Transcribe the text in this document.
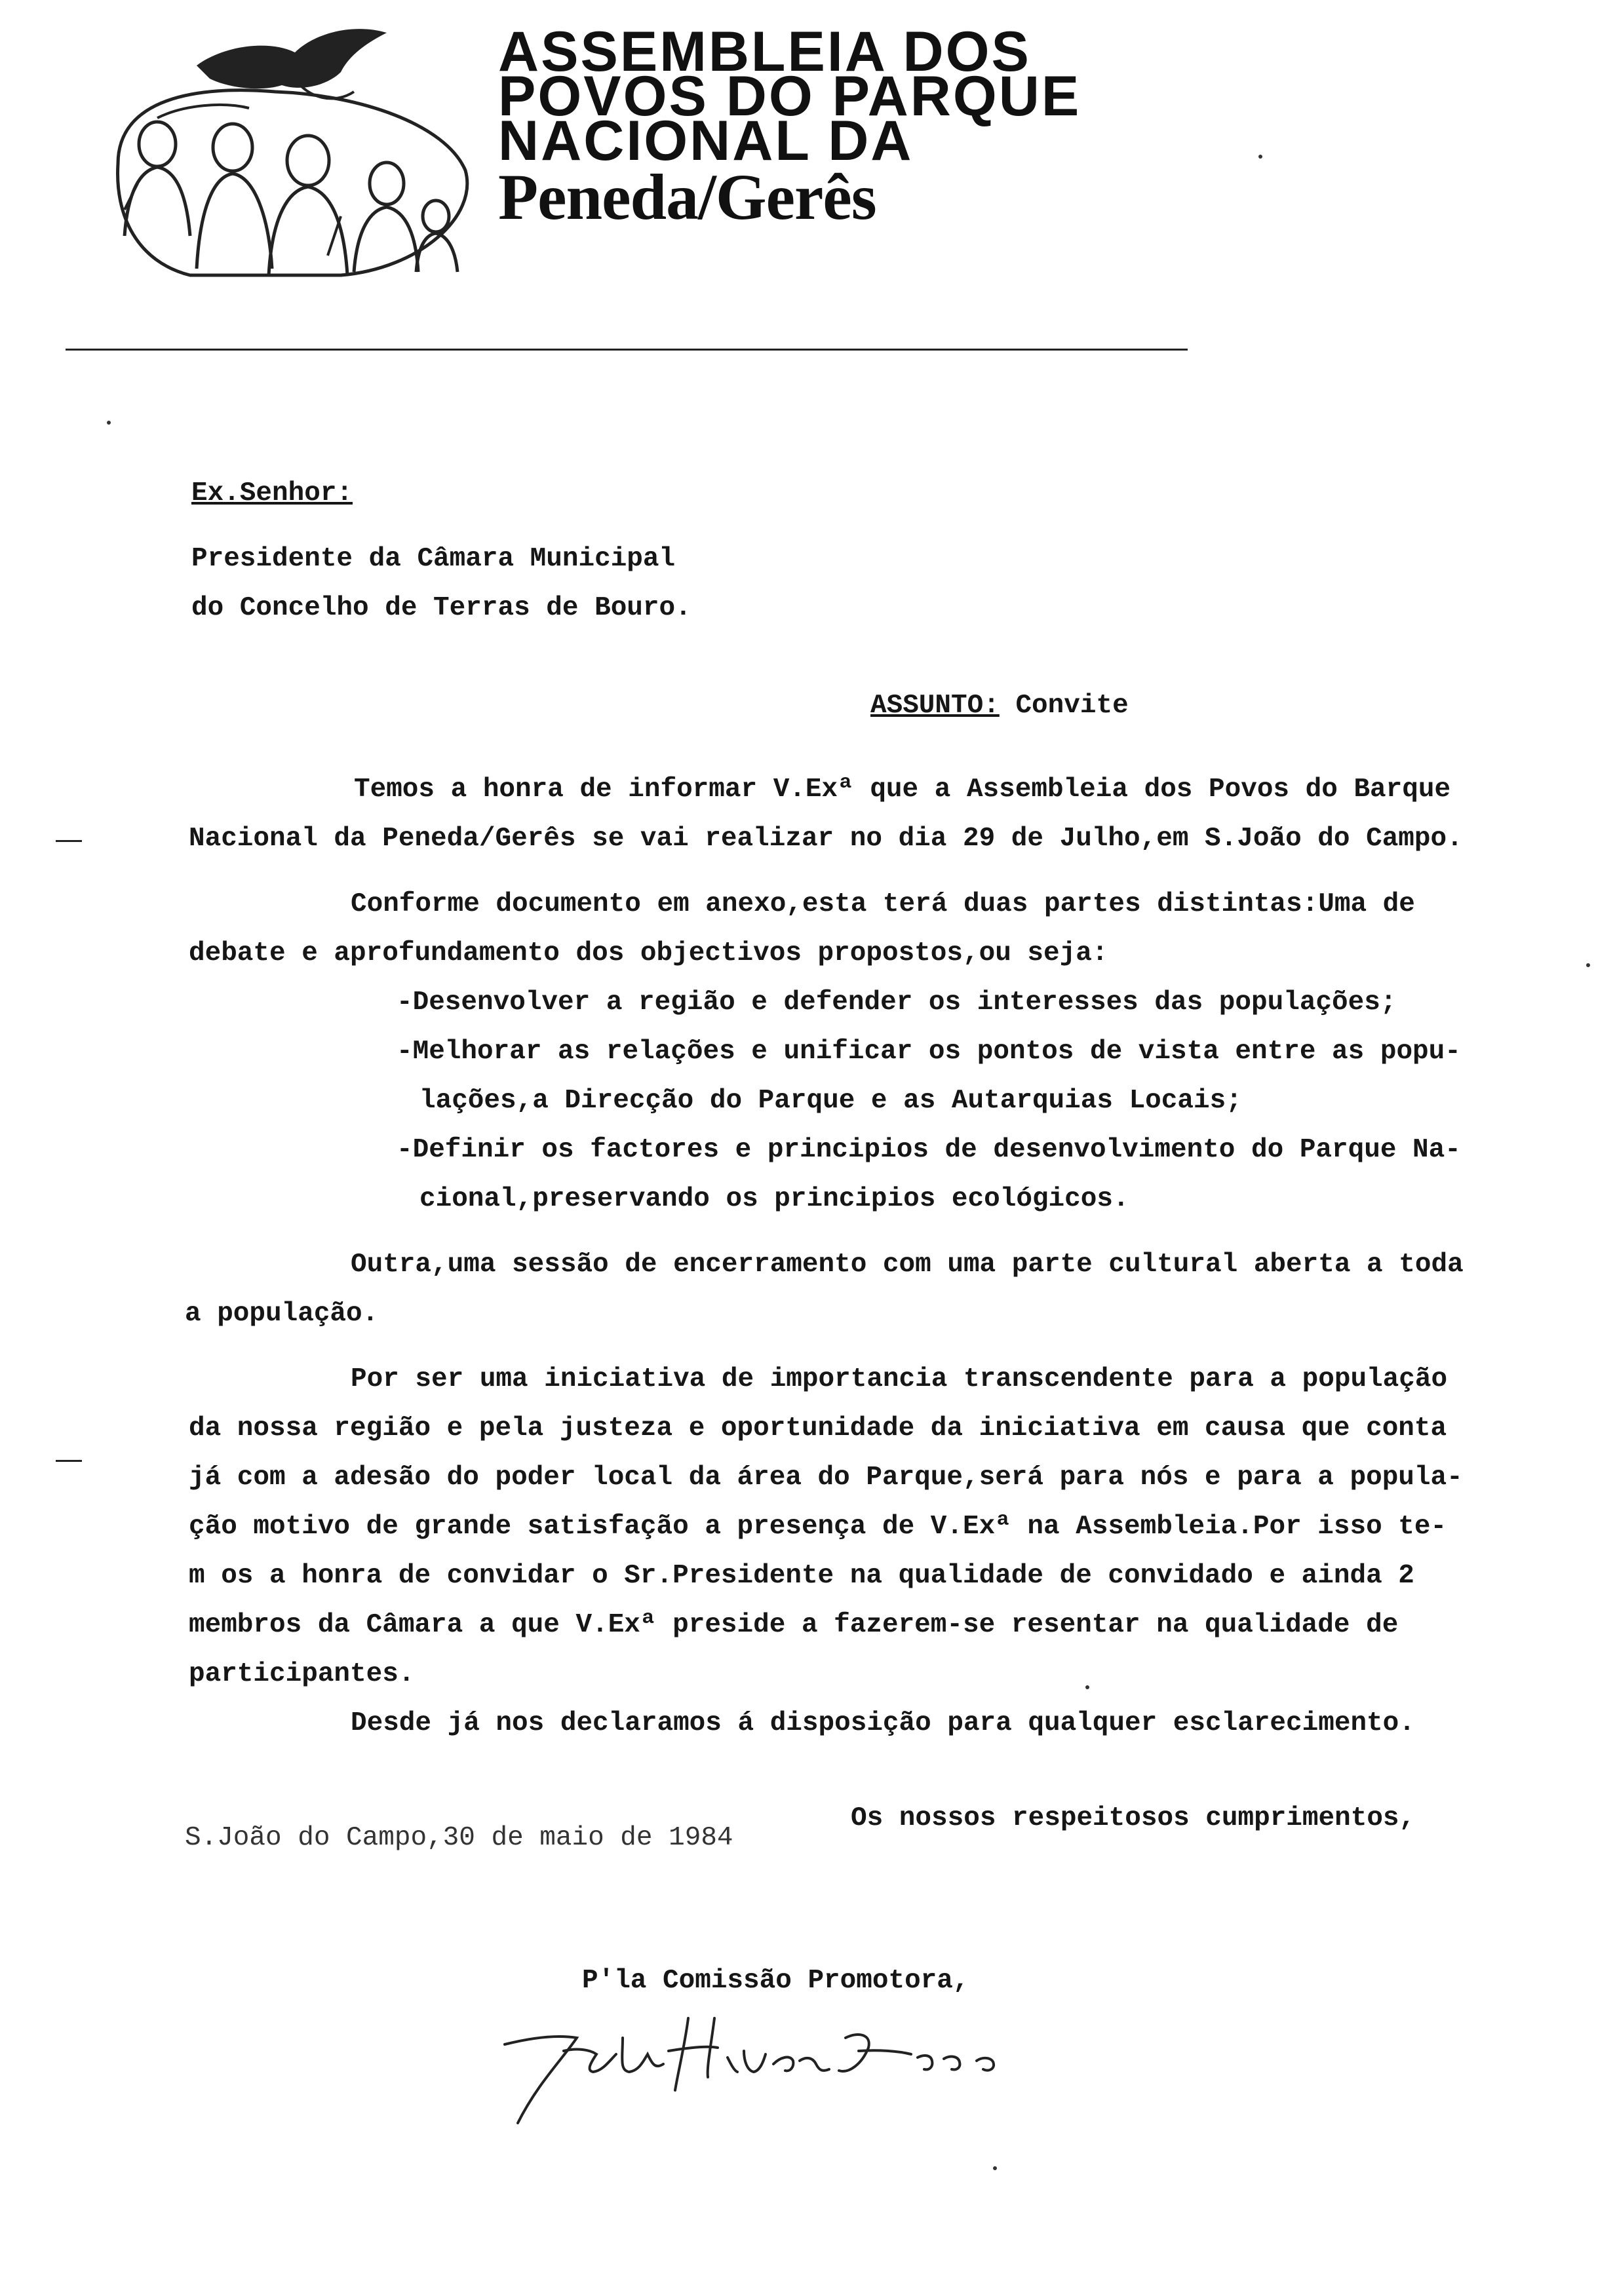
ASSEMBLEIA DOS
POVOS DO PARQUE
NACIONAL DA
Peneda/Gerês
Ex.Senhor:
Presidente da Câmara Municipal
do Concelho de Terras de Bouro.
ASSUNTO: Convite
Temos a honra de informar V.Exª que a Assembleia dos Povos do Barque
Nacional da Peneda/Gerês se vai realizar no dia 29 de Julho,em S.João do Campo.
Conforme documento em anexo,esta terá duas partes distintas:Uma de
debate e aprofundamento dos objectivos propostos,ou seja:
-Desenvolver a região e defender os interesses das populações;
-Melhorar as relações e unificar os pontos de vista entre as popu-
lações,a Direcção do Parque e as Autarquias Locais;
-Definir os factores e principios de desenvolvimento do Parque Na-
cional,preservando os principios ecológicos.
Outra,uma sessão de encerramento com uma parte cultural aberta a toda
a população.
Por ser uma iniciativa de importancia transcendente para a população
da nossa região e pela justeza e oportunidade da iniciativa em causa que conta
já com a adesão do poder local da área do Parque,será para nós e para a popula-
ção motivo de grande satisfação a presença de V.Exª na Assembleia.Por isso te-
m os a honra de convidar o Sr.Presidente na qualidade de convidado e ainda 2
membros da Câmara a que V.Exª preside a fazerem-se resentar na qualidade de
participantes.
Desde já nos declaramos á disposição para qualquer esclarecimento.
Os nossos respeitosos cumprimentos,
S.João do Campo,30 de maio de 1984
P'la Comissão Promotora,
